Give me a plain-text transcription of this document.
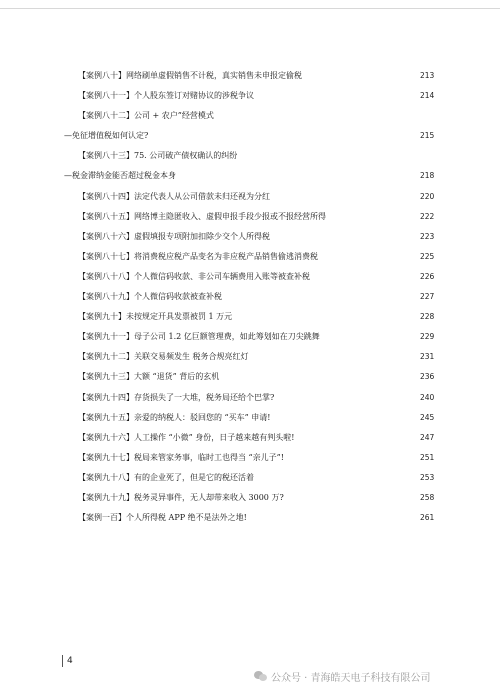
【案例八十】网络刷单虚假销售不计税，真实销售未申报定偷税	213
【案例八十一】个人股东签订对赌协议的涉税争议	214
【案例八十二】公司 + 农户”经营模式
—免征增值税如何认定?	215
【案例八十三】75. 公司破产债权确认的纠纷
—税金滞纳金能否超过税金本身	218
【案例八十四】法定代表人从公司借款未归还视为分红	220
【案例八十五】网络博主隐匿收入、虚假申报手段少报或不报经营所得	222
【案例八十六】虚假填报专项附加扣除少交个人所得税	223
【案例八十七】将消费税应税产品变名为非应税产品销售偷逃消费税	225
【案例八十八】个人微信码收款、非公司车辆费用入账等被查补税	226
【案例八十九】个人微信码收款被查补税	227
【案例九十】未按规定开具发票被罚 1 万元	228
【案例九十一】母子公司 1.2 亿巨额管理费，如此筹划如在刀尖跳舞	229
【案例九十二】关联交易频发生 税务合规亮红灯	231
【案例九十三】大额 “退货” 背后的玄机	236
【案例九十四】存货损失了一大堆，税务局还给个巴掌?	240
【案例九十五】亲爱的纳税人：驳回您的 “买车” 申请!	245
【案例九十六】人工操作 “小微” 身份，日子越来越有判头啦!	247
【案例九十七】税局来管家务事，临时工也得当 “亲儿子”!	251
【案例九十八】有的企业死了，但是它的税还活着	253
【案例九十九】税务灵异事件，无人却带来收入 3000 万?	258
【案例一百】个人所得税 APP 绝不是法外之地!	261
4
公众号 · 青海皓天电子科技有限公司
